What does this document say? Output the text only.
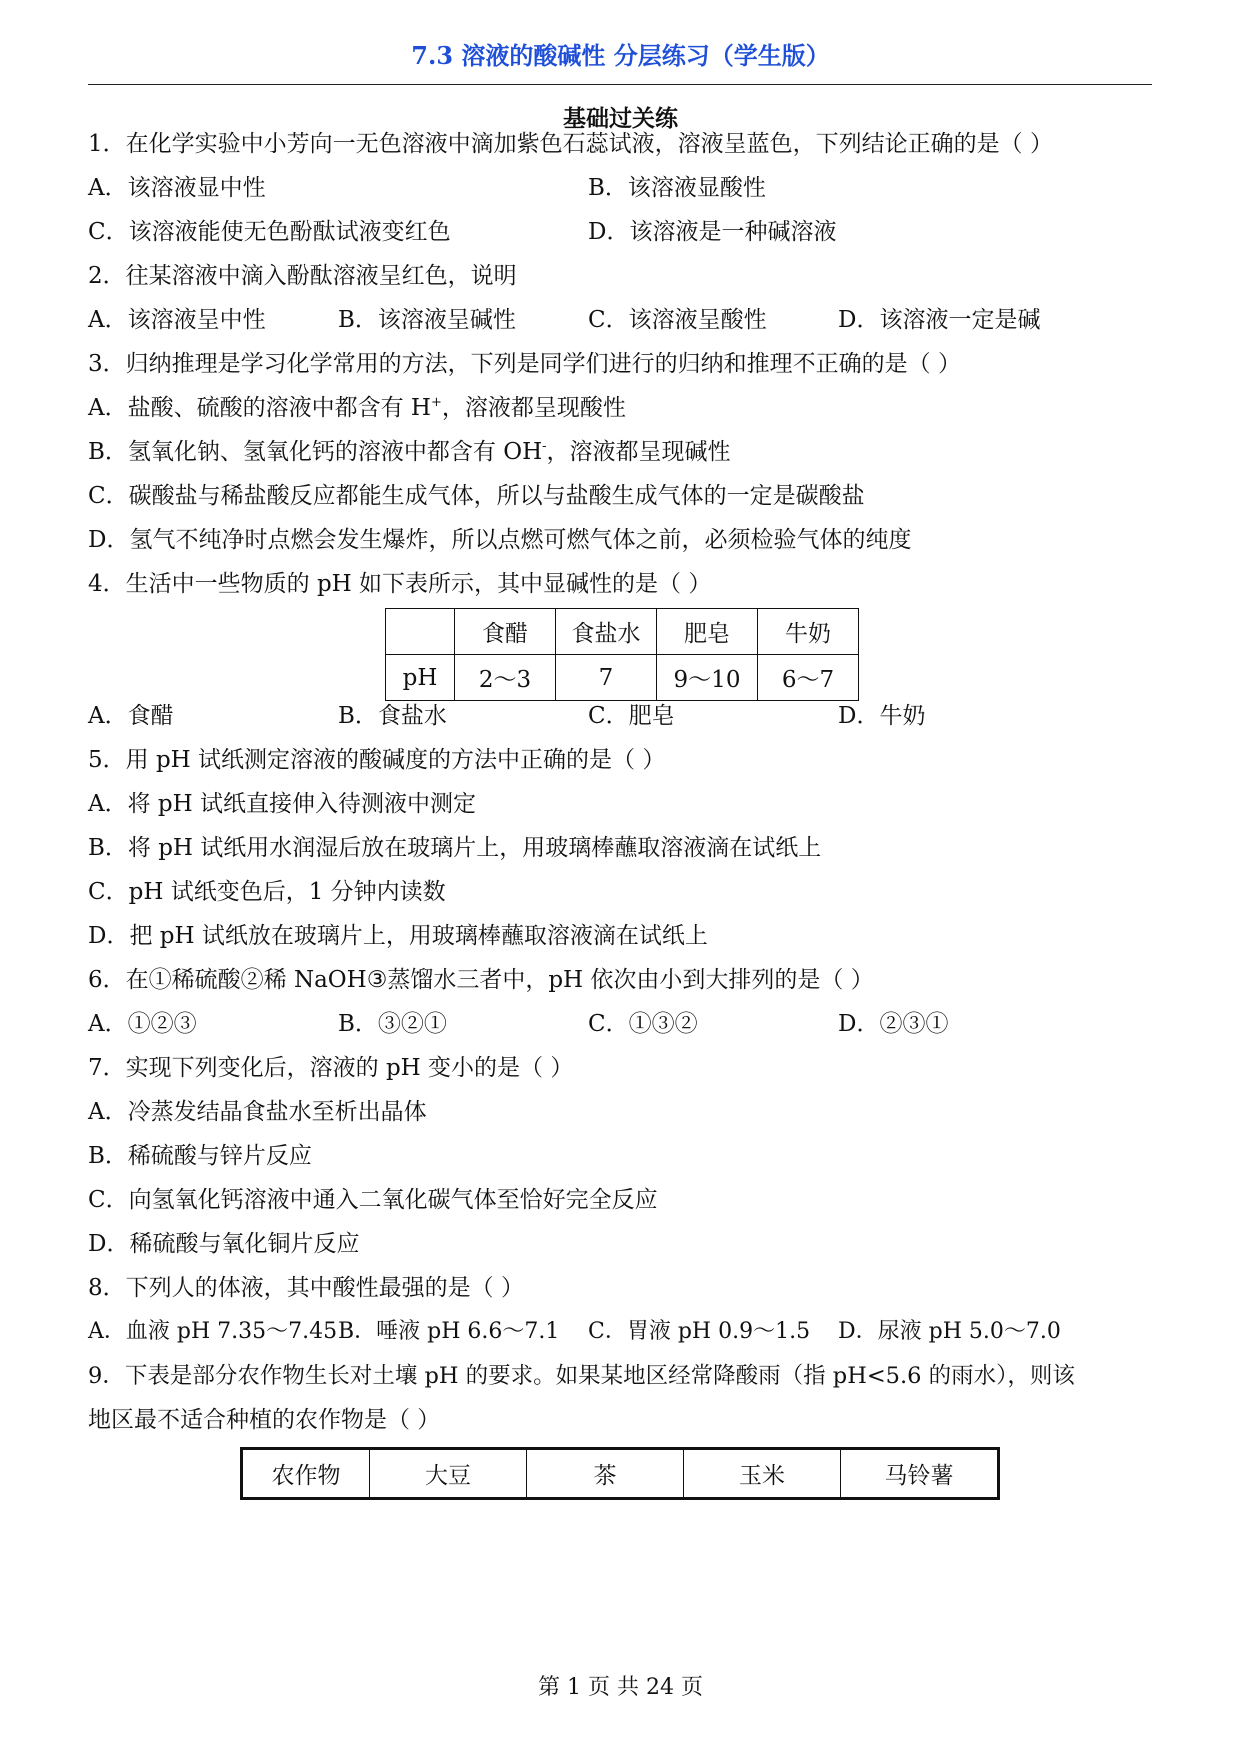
7.3 溶液的酸碱性 分层练习（学生版）
基础过关练
1．在化学实验中小芳向一无色溶液中滴加紫色石蕊试液，溶液呈蓝色，下列结论正确的是（ ）
A．该溶液显中性	B．该溶液显酸性
C．该溶液能使无色酚酞试液变红色	D．该溶液是一种碱溶液
2．往某溶液中滴入酚酞溶液呈红色，说明
A．该溶液呈中性	B．该溶液呈碱性	C．该溶液呈酸性	D．该溶液一定是碱
3．归纳推理是学习化学常用的方法，下列是同学们进行的归纳和推理不正确的是（ ）
A．盐酸、硫酸的溶液中都含有 H+，溶液都呈现酸性
B．氢氧化钠、氢氧化钙的溶液中都含有 OH-，溶液都呈现碱性
C．碳酸盐与稀盐酸反应都能生成气体，所以与盐酸生成气体的一定是碳酸盐
D．氢气不纯净时点燃会发生爆炸，所以点燃可燃气体之前，必须检验气体的纯度
4．生活中一些物质的 pH 如下表所示，其中显碱性的是（ ）
	食醋	食盐水	肥皂	牛奶
pH	2～3	7	9～10	6～7
A．食醋	B．食盐水	C．肥皂	D．牛奶
5．用 pH 试纸测定溶液的酸碱度的方法中正确的是（ ）
A．将 pH 试纸直接伸入待测液中测定
B．将 pH 试纸用水润湿后放在玻璃片上，用玻璃棒蘸取溶液滴在试纸上
C．pH 试纸变色后，1 分钟内读数
D．把 pH 试纸放在玻璃片上，用玻璃棒蘸取溶液滴在试纸上
6．在①稀硫酸②稀 NaOH③蒸馏水三者中，pH 依次由小到大排列的是（ ）
A．①②③	B．③②①	C．①③②	D．②③①
7．实现下列变化后，溶液的 pH 变小的是（ ）
A．冷蒸发结晶食盐水至析出晶体
B．稀硫酸与锌片反应
C．向氢氧化钙溶液中通入二氧化碳气体至恰好完全反应
D．稀硫酸与氧化铜片反应
8．下列人的体液，其中酸性最强的是（ ）
A．血液 pH 7.35～7.45 B．唾液 pH 6.6～7.1 C．胃液 pH 0.9～1.5 D．尿液 pH 5.0～7.0
9．下表是部分农作物生长对土壤 pH 的要求。如果某地区经常降酸雨（指 pH<5.6 的雨水），则该
地区最不适合种植的农作物是（ ）
农作物	大豆	茶	玉米	马铃薯
第 1 页 共 24 页
